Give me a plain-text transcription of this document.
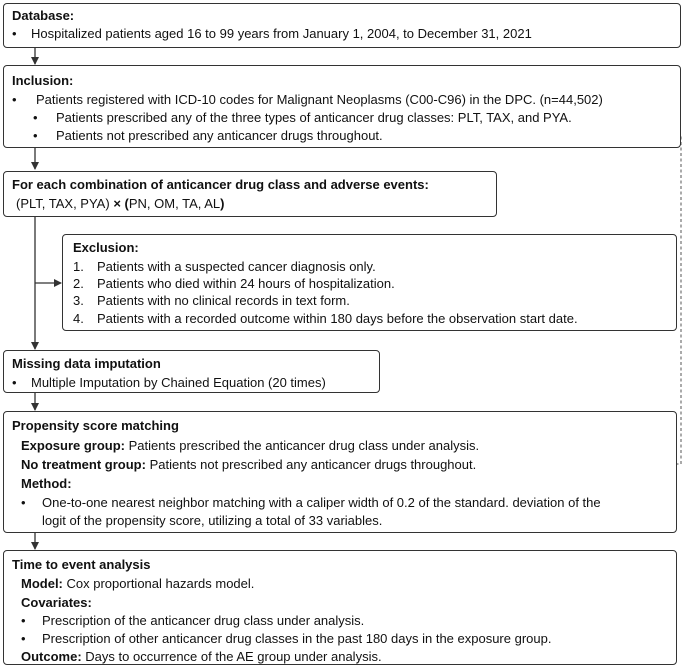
Database:
• Hospitalized patients aged 16 to 99 years from January 1, 2004, to December 31, 2021
Inclusion:
• Patients registered with ICD-10 codes for Malignant Neoplasms (C00-C96) in the DPC. (n=44,502)
• Patients prescribed any of the three types of anticancer drug classes: PLT, TAX, and PYA.
• Patients not prescribed any anticancer drugs throughout.
For each combination of anticancer drug class and adverse events:
(PLT, TAX, PYA) × (PN, OM, TA, AL)
Exclusion:
1. Patients with a suspected cancer diagnosis only.
2. Patients who died within 24 hours of hospitalization.
3. Patients with no clinical records in text form.
4. Patients with a recorded outcome within 180 days before the observation start date.
Missing data imputation
• Multiple Imputation by Chained Equation (20 times)
Propensity score matching
Exposure group: Patients prescribed the anticancer drug class under analysis.
No treatment group: Patients not prescribed any anticancer drugs throughout.
Method:
• One-to-one nearest neighbor matching with a caliper width of 0.2 of the standard. deviation of the
logit of the propensity score, utilizing a total of 33 variables.
Time to event analysis
Model: Cox proportional hazards model.
Covariates:
• Prescription of the anticancer drug class under analysis.
• Prescription of other anticancer drug classes in the past 180 days in the exposure group.
Outcome: Days to occurrence of the AE group under analysis.
